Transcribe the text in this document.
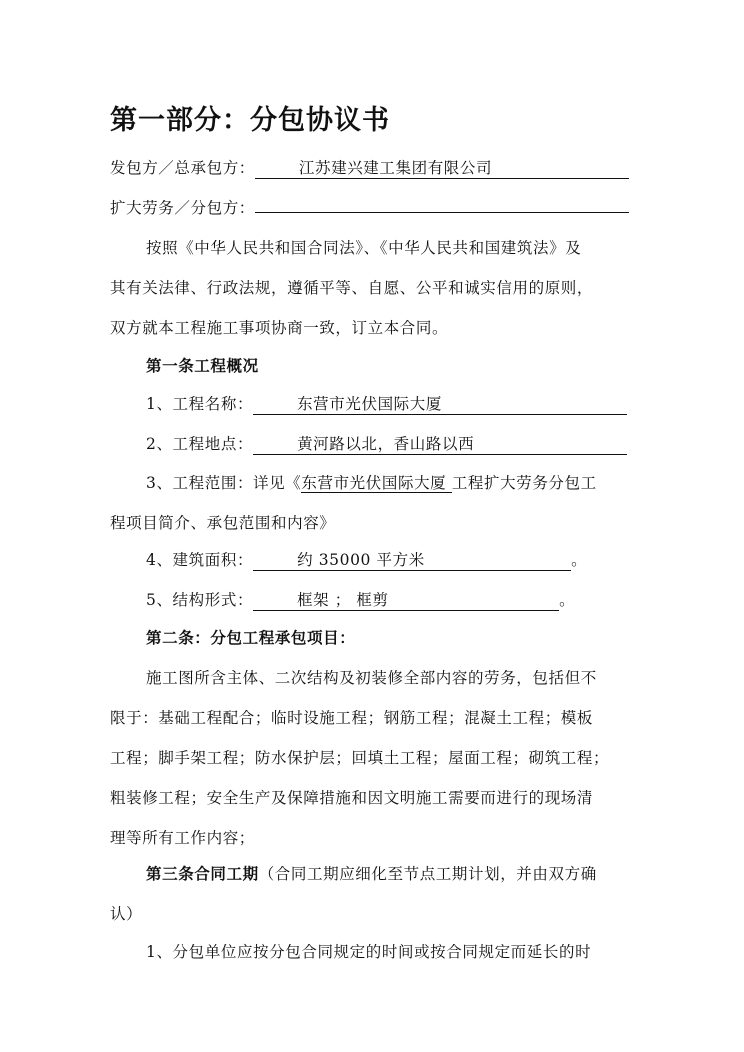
第一部分：分包协议书
发包方／总承包方：	江苏建兴建工集团有限公司
扩大劳务／分包方：
按照《中华人民共和国合同法》、《中华人民共和国建筑法》及
其有关法律、行政法规，遵循平等、自愿、公平和诚实信用的原则，
双方就本工程施工事项协商一致，订立本合同。
第一条工程概况
1、工程名称：	东营市光伏国际大厦
2、工程地点：	黄河路以北，香山路以西
3、工程范围：详见《东营市光伏国际大厦 工程扩大劳务分包工
程项目简介、承包范围和内容》
4、建筑面积：	约 35000 平方米	。
5、结构形式：	框架 ； 框剪	。
第二条：分包工程承包项目：
施工图所含主体、二次结构及初装修全部内容的劳务，包括但不
限于：基础工程配合；临时设施工程；钢筋工程；混凝土工程；模板
工程；脚手架工程；防水保护层；回填土工程；屋面工程；砌筑工程；
粗装修工程；安全生产及保障措施和因文明施工需要而进行的现场清
理等所有工作内容；
第三条合同工期（合同工期应细化至节点工期计划，并由双方确
认）
1、分包单位应按分包合同规定的时间或按合同规定而延长的时
